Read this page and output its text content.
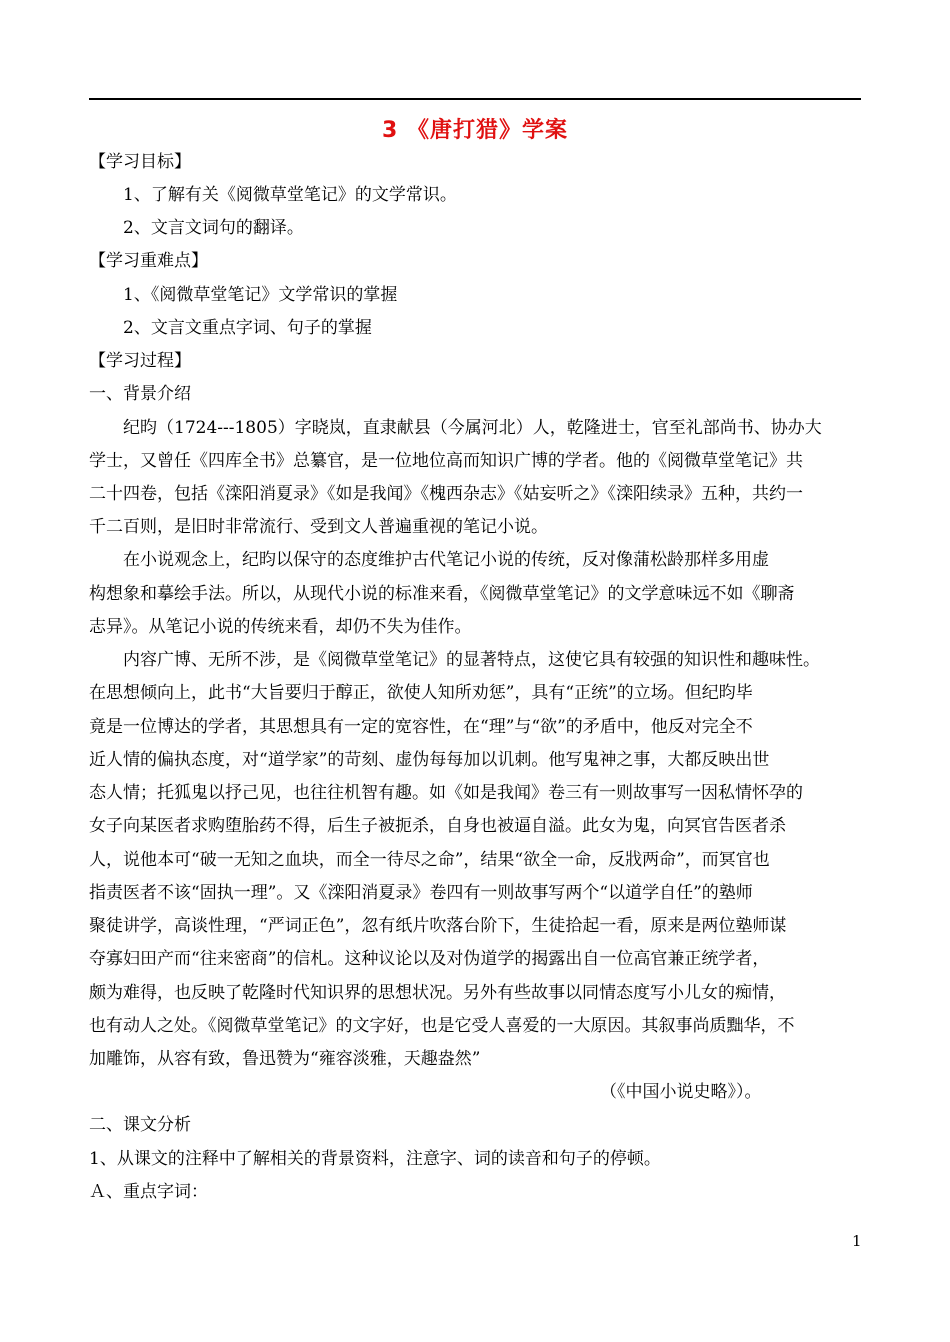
3 《唐打猎》学案
【学习目标】
1、了解有关《阅微草堂笔记》的文学常识。
2、文言文词句的翻译。
【学习重难点】
1、《阅微草堂笔记》文学常识的掌握
2、文言文重点字词、句子的掌握
【学习过程】
一、背景介绍
纪昀（1724---1805）字晓岚，直隶献县（今属河北）人，乾隆进士，官至礼部尚书、协办大
学士，又曾任《四库全书》总纂官，是一位地位高而知识广博的学者。他的《阅微草堂笔记》共
二十四卷，包括《滦阳消夏录》《如是我闻》《槐西杂志》《姑妄听之》《滦阳续录》五种，共约一
千二百则，是旧时非常流行、受到文人普遍重视的笔记小说。
在小说观念上，纪昀以保守的态度维护古代笔记小说的传统，反对像蒲松龄那样多用虚
构想象和摹绘手法。所以，从现代小说的标准来看，《阅微草堂笔记》的文学意味远不如《聊斋
志异》。从笔记小说的传统来看，却仍不失为佳作。
内容广博、无所不涉，是《阅微草堂笔记》的显著特点，这使它具有较强的知识性和趣味性。
在思想倾向上，此书“大旨要归于醇正，欲使人知所劝惩”，具有“正统”的立场。但纪昀毕
竟是一位博达的学者，其思想具有一定的宽容性，在“理”与“欲”的矛盾中，他反对完全不
近人情的偏执态度，对“道学家”的苛刻、虚伪每每加以讥刺。他写鬼神之事，大都反映出世
态人情；托狐鬼以抒己见，也往往机智有趣。如《如是我闻》卷三有一则故事写一因私情怀孕的
女子向某医者求购堕胎药不得，后生子被扼杀，自身也被逼自溢。此女为鬼，向冥官告医者杀
人，说他本可“破一无知之血块，而全一待尽之命”，结果“欲全一命，反戕两命”，而冥官也
指责医者不该“固执一理”。又《滦阳消夏录》卷四有一则故事写两个“以道学自任”的塾师
聚徒讲学，高谈性理，“严词正色”，忽有纸片吹落台阶下，生徒拾起一看，原来是两位塾师谋
夺寡妇田产而“往来密商”的信札。这种议论以及对伪道学的揭露出自一位高官兼正统学者，
颇为难得，也反映了乾隆时代知识界的思想状况。另外有些故事以同情态度写小儿女的痴情，
也有动人之处。《阅微草堂笔记》的文字好，也是它受人喜爱的一大原因。其叙事尚质黜华，不
加雕饰，从容有致，鲁迅赞为“雍容淡雅，天趣盎然”
（《中国小说史略》）。
二、课文分析
1、从课文的注释中了解相关的背景资料，注意字、词的读音和句子的停顿。
Ａ、重点字词：
1
